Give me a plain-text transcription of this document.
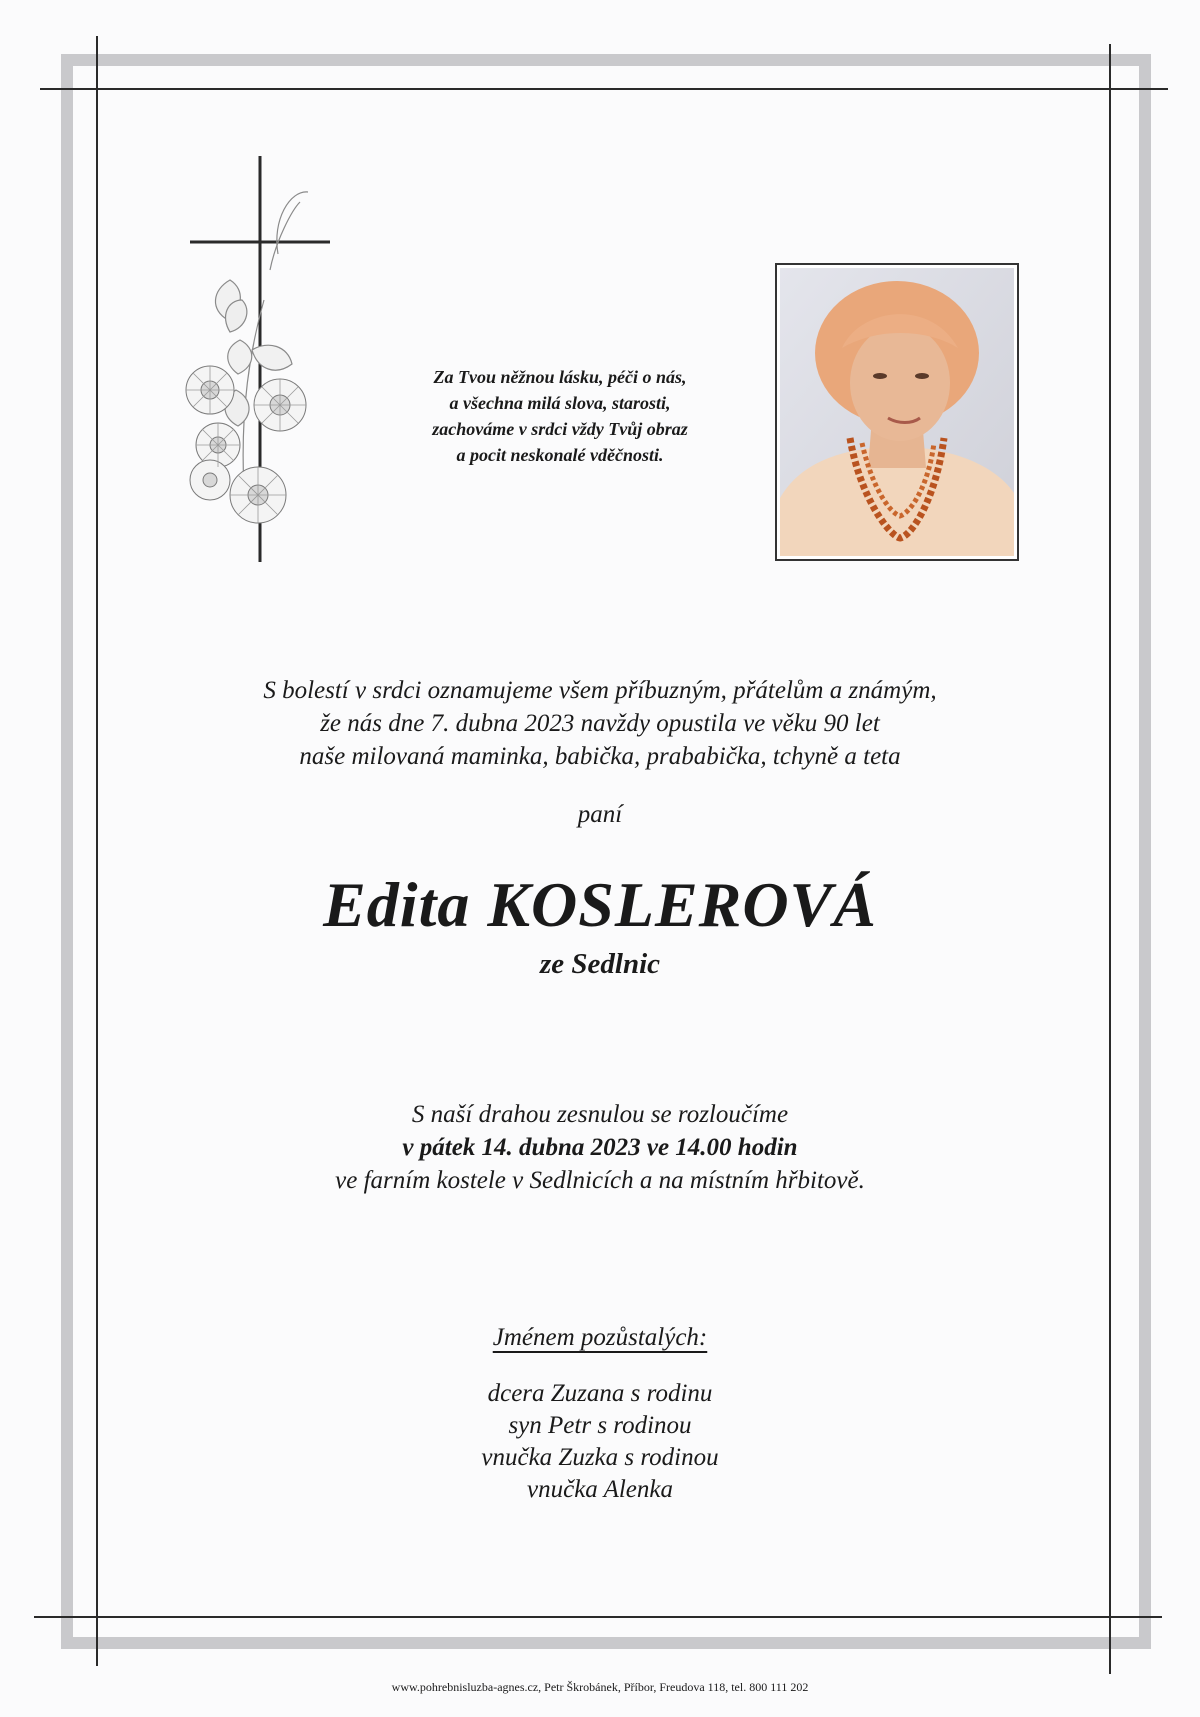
Za Tvou něžnou lásku, péči o nás,
a všechna milá slova, starosti,
zachováme v srdci vždy Tvůj obraz
a pocit neskonalé vděčnosti.
S bolestí v srdci oznamujeme všem příbuzným, přátelům a známým,
že nás dne 7. dubna 2023 navždy opustila ve věku 90 let
naše milovaná maminka, babička, prababička, tchyně a teta
paní
Edita KOSLEROVÁ
ze Sedlnic
S naší drahou zesnulou se rozloučíme
v pátek 14. dubna 2023 ve 14.00 hodin
ve farním kostele v Sedlnicích a na místním hřbitově.
Jménem pozůstalých:
dcera Zuzana s rodinu
syn Petr s rodinou
vnučka Zuzka s rodinou
vnučka Alenka
www.pohrebnisluzba-agnes.cz, Petr Škrobánek, Příbor, Freudova 118, tel. 800 111 202
